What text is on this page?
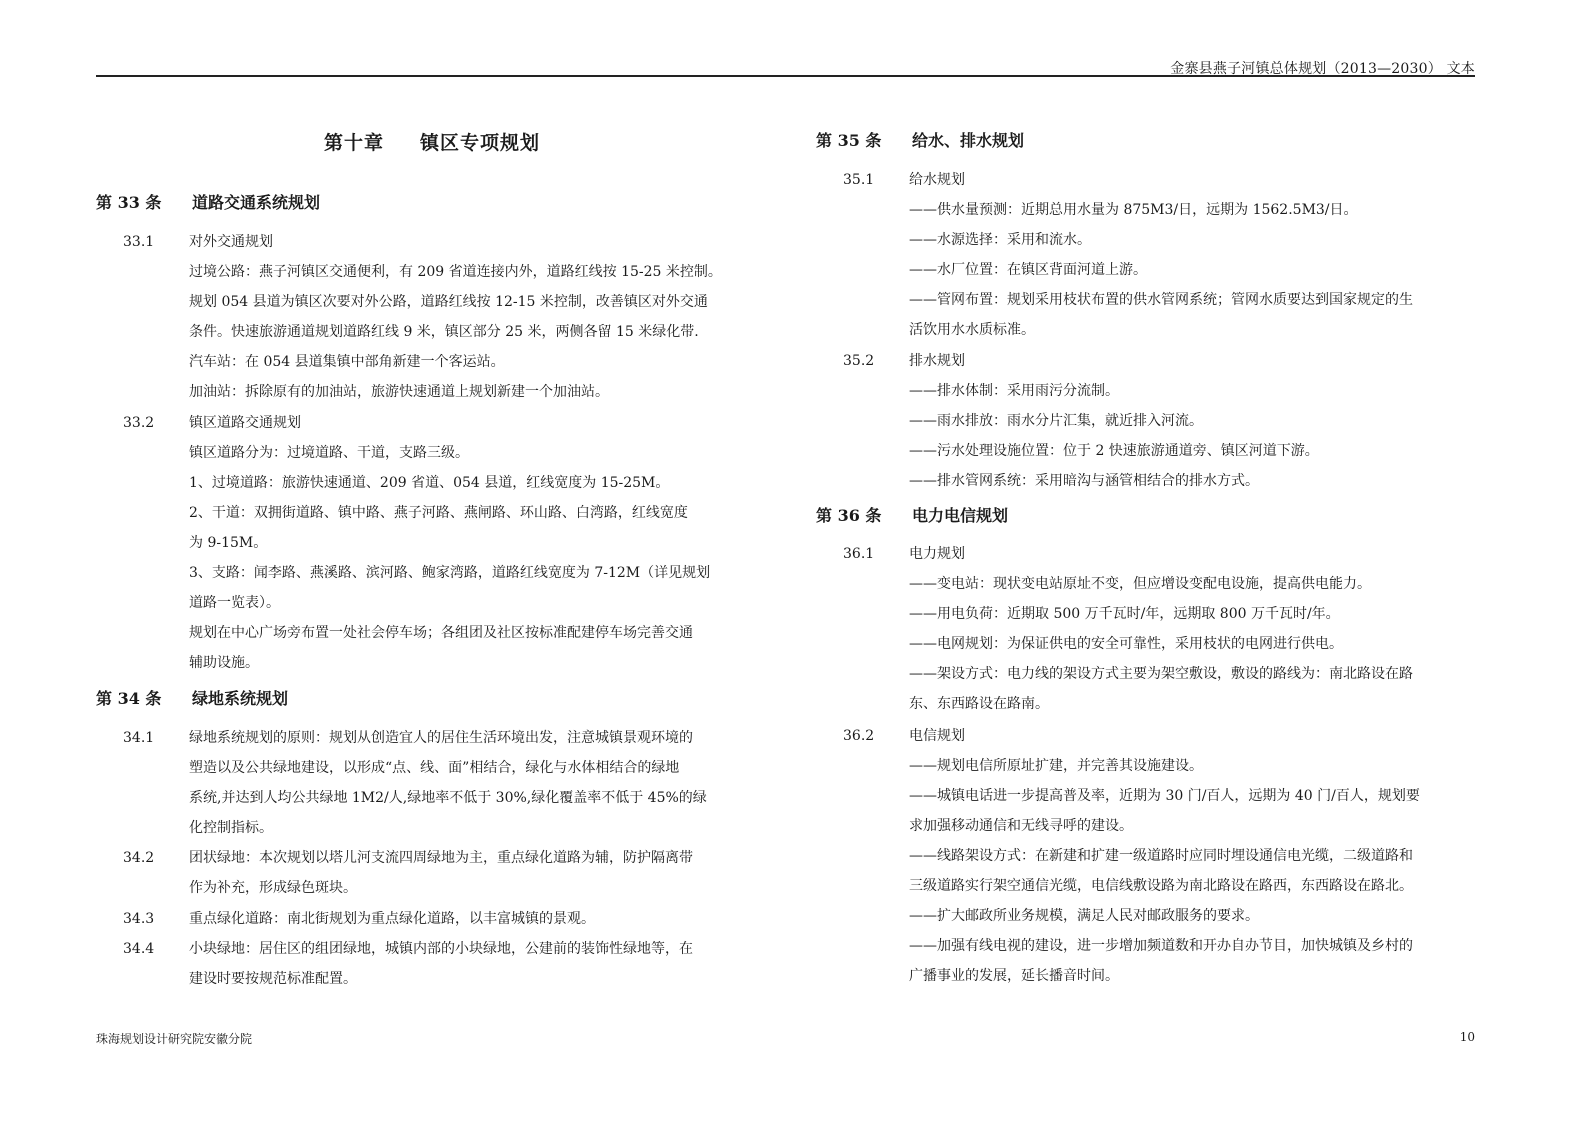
金寨县燕子河镇总体规划（2013—2030） 文本
第十章 镇区专项规划
第 33 条 道路交通系统规划
33.1	对外交通规划
过境公路：燕子河镇区交通便利，有 209 省道连接内外，道路红线按 15-25 米控制。
规划 054 县道为镇区次要对外公路，道路红线按 12-15 米控制，改善镇区对外交通
条件。快速旅游通道规划道路红线 9 米，镇区部分 25 米，两侧各留 15 米绿化带.
汽车站：在 054 县道集镇中部角新建一个客运站。
加油站：拆除原有的加油站，旅游快速通道上规划新建一个加油站。
33.2	镇区道路交通规划
镇区道路分为：过境道路、干道，支路三级。
1、过境道路：旅游快速通道、209 省道、054 县道，红线宽度为 15-25M。
2、干道：双拥街道路、镇中路、燕子河路、燕闸路、环山路、白湾路，红线宽度
为 9-15M。
3、支路：闻李路、燕溪路、滨河路、鲍家湾路，道路红线宽度为 7-12M（详见规划
道路一览表）。
规划在中心广场旁布置一处社会停车场；各组团及社区按标准配建停车场完善交通
辅助设施。
第 34 条 绿地系统规划
34.1	绿地系统规划的原则：规划从创造宜人的居住生活环境出发，注意城镇景观环境的
塑造以及公共绿地建设，以形成“点、线、面”相结合，绿化与水体相结合的绿地
系统,并达到人均公共绿地 1M2/人,绿地率不低于 30%,绿化覆盖率不低于 45%的绿
化控制指标。
34.2	团状绿地：本次规划以塔儿河支流四周绿地为主，重点绿化道路为辅，防护隔离带
作为补充，形成绿色斑块。
34.3	重点绿化道路：南北街规划为重点绿化道路，以丰富城镇的景观。
34.4	小块绿地：居住区的组团绿地，城镇内部的小块绿地，公建前的装饰性绿地等，在
建设时要按规范标准配置。
第 35 条 给水、排水规划
35.1	给水规划
——供水量预测：近期总用水量为 875M3/日，远期为 1562.5M3/日。
——水源选择：采用和流水。
——水厂位置：在镇区背面河道上游。
——管网布置：规划采用枝状布置的供水管网系统；管网水质要达到国家规定的生
活饮用水水质标准。
35.2	排水规划
——排水体制：采用雨污分流制。
——雨水排放：雨水分片汇集，就近排入河流。
——污水处理设施位置：位于 2 快速旅游通道旁、镇区河道下游。
——排水管网系统：采用暗沟与涵管相结合的排水方式。
第 36 条 电力电信规划
36.1	电力规划
——变电站：现状变电站原址不变，但应增设变配电设施，提高供电能力。
——用电负荷：近期取 500 万千瓦时/年，远期取 800 万千瓦时/年。
——电网规划：为保证供电的安全可靠性，采用枝状的电网进行供电。
——架设方式：电力线的架设方式主要为架空敷设，敷设的路线为：南北路设在路
东、东西路设在路南。
36.2	电信规划
——规划电信所原址扩建，并完善其设施建设。
——城镇电话进一步提高普及率，近期为 30 门/百人，远期为 40 门/百人，规划要
求加强移动通信和无线寻呼的建设。
——线路架设方式：在新建和扩建一级道路时应同时埋设通信电光缆，二级道路和
三级道路实行架空通信光缆，电信线敷设路为南北路设在路西，东西路设在路北。
——扩大邮政所业务规模，满足人民对邮政服务的要求。
——加强有线电视的建设，进一步增加频道数和开办自办节目，加快城镇及乡村的
广播事业的发展，延长播音时间。
珠海规划设计研究院安徽分院	10
